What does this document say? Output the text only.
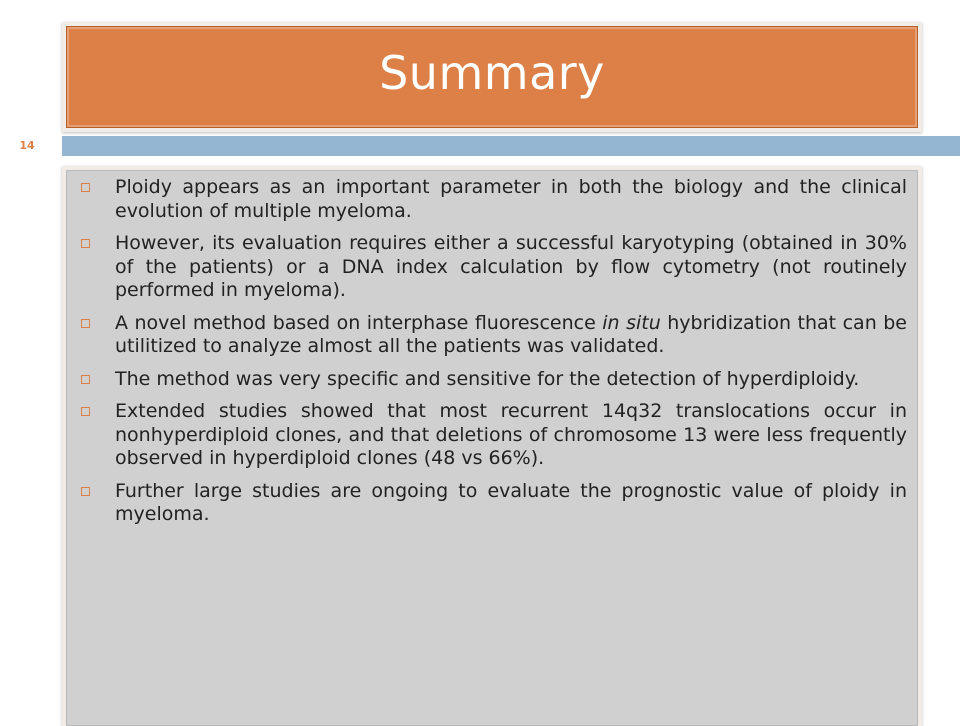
Summary
14
Ploidy appears as an important parameter in both the biology and the clinical evolution of multiple myeloma.
However, its evaluation requires either a successful karyotyping (obtained in 30% of the patients) or a DNA index calculation by flow cytometry (not routinely performed in myeloma).
A novel method based on interphase fluorescence in situ hybridization that can be utilitized to analyze almost all the patients was validated.
The method was very specific and sensitive for the detection of hyperdiploidy.
Extended studies showed that most recurrent 14q32 translocations occur in nonhyperdiploid clones, and that deletions of chromosome 13 were less frequently observed in hyperdiploid clones (48 vs 66%).
Further large studies are ongoing to evaluate the prognostic value of ploidy in myeloma.
